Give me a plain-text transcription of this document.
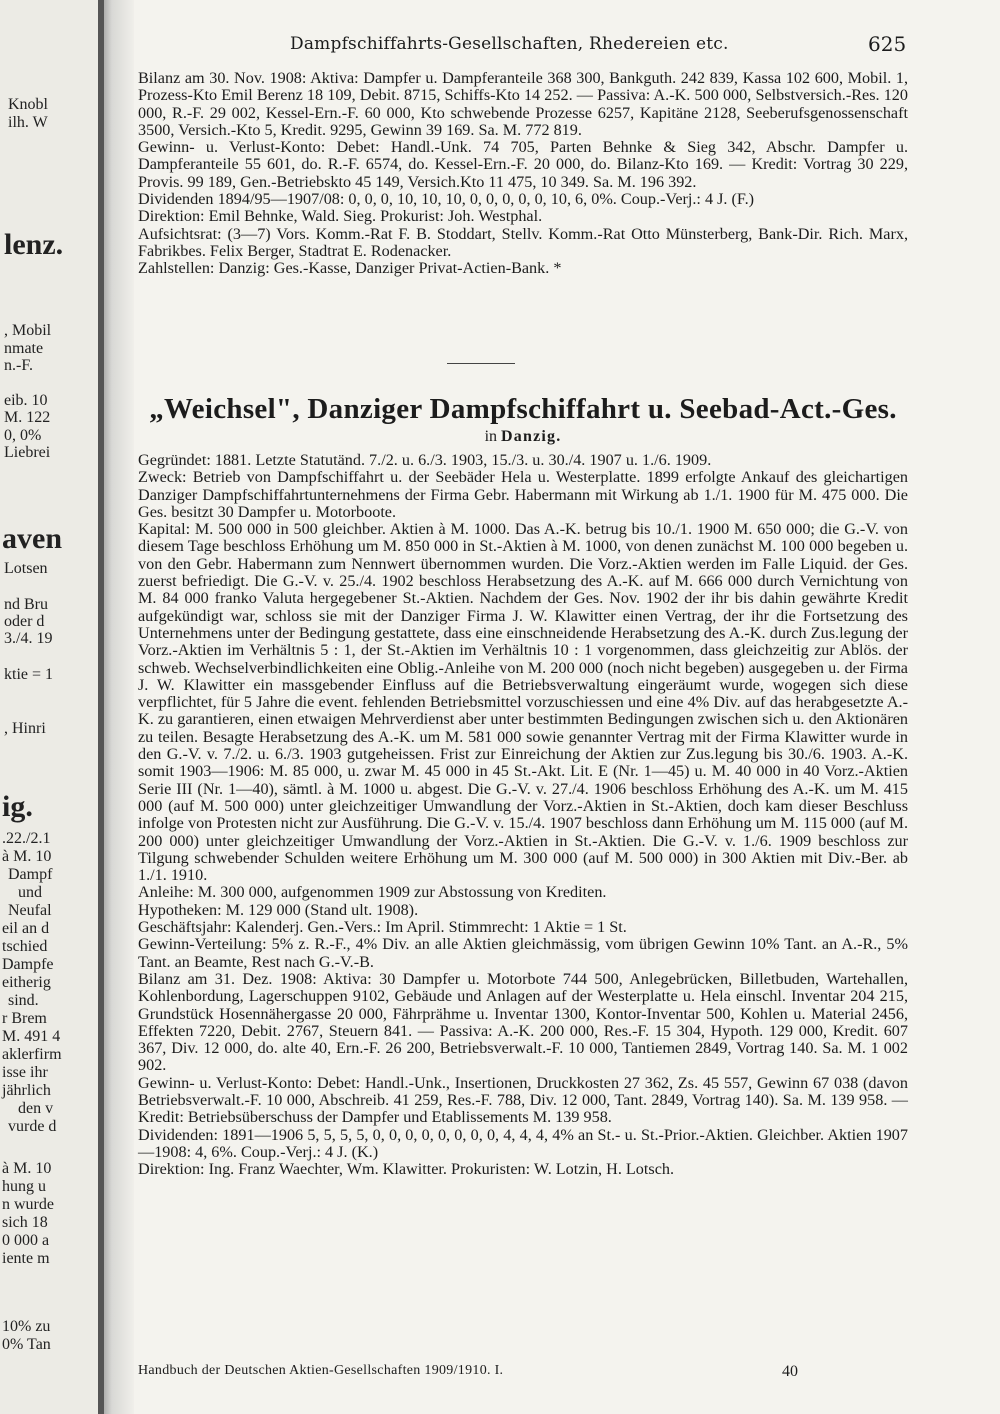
Knobl
ilh. W
lenz.
, Mobil
nmate
n.-F.
eib. 10
M. 122
0, 0%
Liebrei
aven
Lotsen
nd Bru
oder d
3./4. 19
ktie = 1
, Hinri
ig.
.22./2.1
à M. 10
Dampf
und
Neufal
eil an d
tschied
Dampfe
eitherig
sind.
r Brem
M. 491 4
aklerfirm
isse ihr
jährlich
den v
vurde d
à M. 10
hung u
n wurde
sich 18
0 000 a
iente m
10% zu
0% Tan
Dampfschiffahrts-Gesellschaften, Rhedereien etc.	625

Bilanz am 30. Nov. 1908: Aktiva: Dampfer u. Dampferanteile 368 300, Bankguth. 242 839, Kassa 102 600, Mobil. 1, Prozess-Kto Emil Berenz 18 109, Debit. 8715, Schiffs-Kto 14 252. — Passiva: A.-K. 500 000, Selbstversich.-Res. 120 000, R.-F. 29 002, Kessel-Ern.-F. 60 000, Kto schwebende Prozesse 6257, Kapitäne 2128, Seeberufsgenossenschaft 3500, Versich.-Kto 5, Kredit. 9295, Gewinn 39 169. Sa. M. 772 819.

Gewinn- u. Verlust-Konto: Debet: Handl.-Unk. 74 705, Parten Behnke & Sieg 342, Abschr. Dampfer u. Dampferanteile 55 601, do. R.-F. 6574, do. Kessel-Ern.-F. 20 000, do. Bilanz-Kto 169. — Kredit: Vortrag 30 229, Provis. 99 189, Gen.-Betriebskto 45 149, Versich.Kto 11 475, 10 349. Sa. M. 196 392.

Dividenden 1894/95—1907/08: 0, 0, 0, 10, 10, 10, 0, 0, 0, 0, 0, 10, 6, 0%. Coup.-Verj.: 4 J. (F.)

Direktion: Emil Behnke, Wald. Sieg. Prokurist: Joh. Westphal.

Aufsichtsrat: (3—7) Vors. Komm.-Rat F. B. Stoddart, Stellv. Komm.-Rat Otto Münsterberg, Bank-Dir. Rich. Marx, Fabrikbes. Felix Berger, Stadtrat E. Rodenacker.

Zahlstellen: Danzig: Ges.-Kasse, Danziger Privat-Actien-Bank. *

„Weichsel", Danziger Dampfschiffahrt u. Seebad-Act.-Ges.
in Danzig.

Gegründet: 1881. Letzte Statutänd. 7./2. u. 6./3. 1903, 15./3. u. 30./4. 1907 u. 1./6. 1909.

Zweck: Betrieb von Dampfschiffahrt u. der Seebäder Hela u. Westerplatte. 1899 erfolgte Ankauf des gleichartigen Danziger Dampfschiffahrtunternehmens der Firma Gebr. Habermann mit Wirkung ab 1./1. 1900 für M. 475 000. Die Ges. besitzt 30 Dampfer u. Motorboote.

Kapital: M. 500 000 in 500 gleichber. Aktien à M. 1000. Das A.-K. betrug bis 10./1. 1900 M. 650 000; die G.-V. von diesem Tage beschloss Erhöhung um M. 850 000 in St.-Aktien à M. 1000, von denen zunächst M. 100 000 begeben u. von den Gebr. Habermann zum Nennwert übernommen wurden. Die Vorz.-Aktien werden im Falle Liquid. der Ges. zuerst befriedigt. Die G.-V. v. 25./4. 1902 beschloss Herabsetzung des A.-K. auf M. 666 000 durch Vernichtung von M. 84 000 franko Valuta hergegebener St.-Aktien. Nachdem der Ges. Nov. 1902 der ihr bis dahin gewährte Kredit aufgekündigt war, schloss sie mit der Danziger Firma J. W. Klawitter einen Vertrag, der ihr die Fortsetzung des Unternehmens unter der Bedingung gestattete, dass eine einschneidende Herabsetzung des A.-K. durch Zus.legung der Vorz.-Aktien im Verhältnis 5 : 1, der St.-Aktien im Verhältnis 10 : 1 vorgenommen, dass gleichzeitig zur Ablös. der schweb. Wechselverbindlichkeiten eine Oblig.-Anleihe von M. 200 000 (noch nicht begeben) ausgegeben u. der Firma J. W. Klawitter ein massgebender Einfluss auf die Betriebsverwaltung eingeräumt wurde, wogegen sich diese verpflichtet, für 5 Jahre die event. fehlenden Betriebsmittel vorzuschiessen und eine 4% Div. auf das herabgesetzte A.-K. zu garantieren, einen etwaigen Mehrverdienst aber unter bestimmten Bedingungen zwischen sich u. den Aktionären zu teilen. Besagte Herabsetzung des A.-K. um M. 581 000 sowie genannter Vertrag mit der Firma Klawitter wurde in den G.-V. v. 7./2. u. 6./3. 1903 gutgeheissen. Frist zur Einreichung der Aktien zur Zus.legung bis 30./6. 1903. A.-K. somit 1903—1906: M. 85 000, u. zwar M. 45 000 in 45 St.-Akt. Lit. E (Nr. 1—45) u. M. 40 000 in 40 Vorz.-Aktien Serie III (Nr. 1—40), sämtl. à M. 1000 u. abgest. Die G.-V. v. 27./4. 1906 beschloss Erhöhung des A.-K. um M. 415 000 (auf M. 500 000) unter gleichzeitiger Umwandlung der Vorz.-Aktien in St.-Aktien, doch kam dieser Beschluss infolge von Protesten nicht zur Ausführung. Die G.-V. v. 15./4. 1907 beschloss dann Erhöhung um M. 115 000 (auf M. 200 000) unter gleichzeitiger Umwandlung der Vorz.-Aktien in St.-Aktien. Die G.-V. v. 1./6. 1909 beschloss zur Tilgung schwebender Schulden weitere Erhöhung um M. 300 000 (auf M. 500 000) in 300 Aktien mit Div.-Ber. ab 1./1. 1910.

Anleihe: M. 300 000, aufgenommen 1909 zur Abstossung von Krediten.

Hypotheken: M. 129 000 (Stand ult. 1908).

Geschäftsjahr: Kalenderj. Gen.-Vers.: Im April. Stimmrecht: 1 Aktie = 1 St.

Gewinn-Verteilung: 5% z. R.-F., 4% Div. an alle Aktien gleichmässig, vom übrigen Gewinn 10% Tant. an A.-R., 5% Tant. an Beamte, Rest nach G.-V.-B.

Bilanz am 31. Dez. 1908: Aktiva: 30 Dampfer u. Motorbote 744 500, Anlegebrücken, Billetbuden, Wartehallen, Kohlenbordung, Lagerschuppen 9102, Gebäude und Anlagen auf der Westerplatte u. Hela einschl. Inventar 204 215, Grundstück Hosennähergasse 20 000, Fährprähme u. Inventar 1300, Kontor-Inventar 500, Kohlen u. Material 2456, Effekten 7220, Debit. 2767, Steuern 841. — Passiva: A.-K. 200 000, Res.-F. 15 304, Hypoth. 129 000, Kredit. 607 367, Div. 12 000, do. alte 40, Ern.-F. 26 200, Betriebsverwalt.-F. 10 000, Tantiemen 2849, Vortrag 140. Sa. M. 1 002 902.

Gewinn- u. Verlust-Konto: Debet: Handl.-Unk., Insertionen, Druckkosten 27 362, Zs. 45 557, Gewinn 67 038 (davon Betriebsverwalt.-F. 10 000, Abschreib. 41 259, Res.-F. 788, Div. 12 000, Tant. 2849, Vortrag 140). Sa. M. 139 958. — Kredit: Betriebsüberschuss der Dampfer und Etablissements M. 139 958.

Dividenden: 1891—1906 5, 5, 5, 5, 0, 0, 0, 0, 0, 0, 0, 0, 4, 4, 4, 4% an St.- u. St.-Prior.-Aktien. Gleichber. Aktien 1907—1908: 4, 6%. Coup.-Verj.: 4 J. (K.)

Direktion: Ing. Franz Waechter, Wm. Klawitter. Prokuristen: W. Lotzin, H. Lotsch.

Handbuch der Deutschen Aktien-Gesellschaften 1909/1910. I.	40
